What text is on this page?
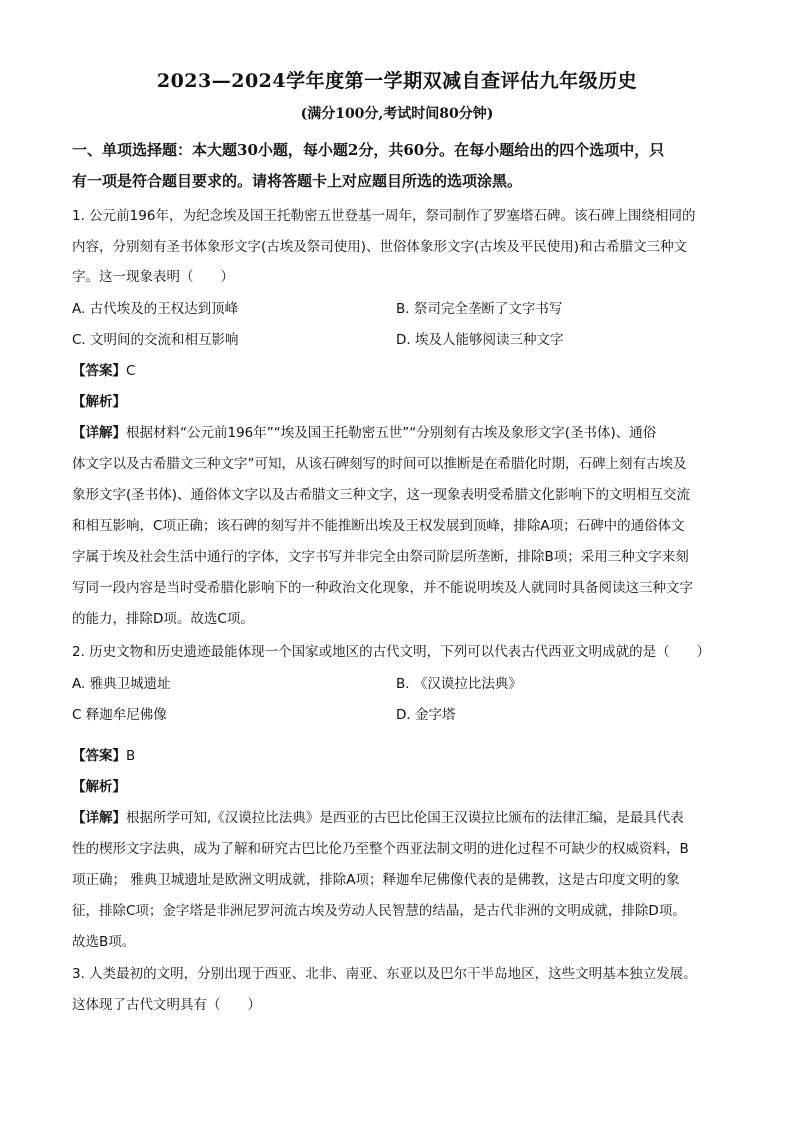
2023—2024学年度第一学期双减自查评估九年级历史
(满分100分,考试时间80分钟)
一、单项选择题：本大题30小题，每小题2分，共60分。在每小题给出的四个选项中，只
有一项是符合题目要求的。请将答题卡上对应题目所选的选项涂黑。
1. 公元前196年，为纪念埃及国王托勒密五世登基一周年，祭司制作了罗塞塔石碑。该石碑上围绕相同的
内容，分别刻有圣书体象形文字(古埃及祭司使用)、世俗体象形文字(古埃及平民使用)和古希腊文三种文
字。这一现象表明（　　）
A. 古代埃及的王权达到顶峰	B. 祭司完全垄断了文字书写
C. 文明间的交流和相互影响	D. 埃及人能够阅读三种文字
【答案】C
【解析】
【详解】根据材料“公元前196年”“埃及国王托勒密五世”“分别刻有古埃及象形文字(圣书体)、通俗
体文字以及古希腊文三种文字”可知，从该石碑刻写的时间可以推断是在希腊化时期，石碑上刻有古埃及
象形文字(圣书体)、通俗体文字以及古希腊文三种文字，这一现象表明受希腊文化影响下的文明相互交流
和相互影响，C项正确；该石碑的刻写并不能推断出埃及王权发展到顶峰，排除A项；石碑中的通俗体文
字属于埃及社会生活中通行的字体，文字书写并非完全由祭司阶层所垄断，排除B项；采用三种文字来刻
写同一段内容是当时受希腊化影响下的一种政治文化现象，并不能说明埃及人就同时具备阅读这三种文字
的能力，排除D项。故选C项。
2. 历史文物和历史遗迹最能体现一个国家或地区的古代文明，下列可以代表古代西亚文明成就的是（　　）
A. 雅典卫城遗址	B. 《汉谟拉比法典》
C 释迦牟尼佛像	D. 金字塔
【答案】B
【解析】
【详解】根据所学可知,《汉谟拉比法典》是西亚的古巴比伦国王汉谟拉比颁布的法律汇编，是最具代表
性的楔形文字法典，成为了解和研究古巴比伦乃至整个西亚法制文明的进化过程不可缺少的权威资料，B
项正确； 雅典卫城遗址是欧洲文明成就，排除A项；释迦牟尼佛像代表的是佛教，这是古印度文明的象
征，排除C项；金字塔是非洲尼罗河流古埃及劳动人民智慧的结晶，是古代非洲的文明成就，排除D项。
故选B项。
3. 人类最初的文明，分别出现于西亚、北非、南亚、东亚以及巴尔干半岛地区，这些文明基本独立发展。
这体现了古代文明具有（　　）
